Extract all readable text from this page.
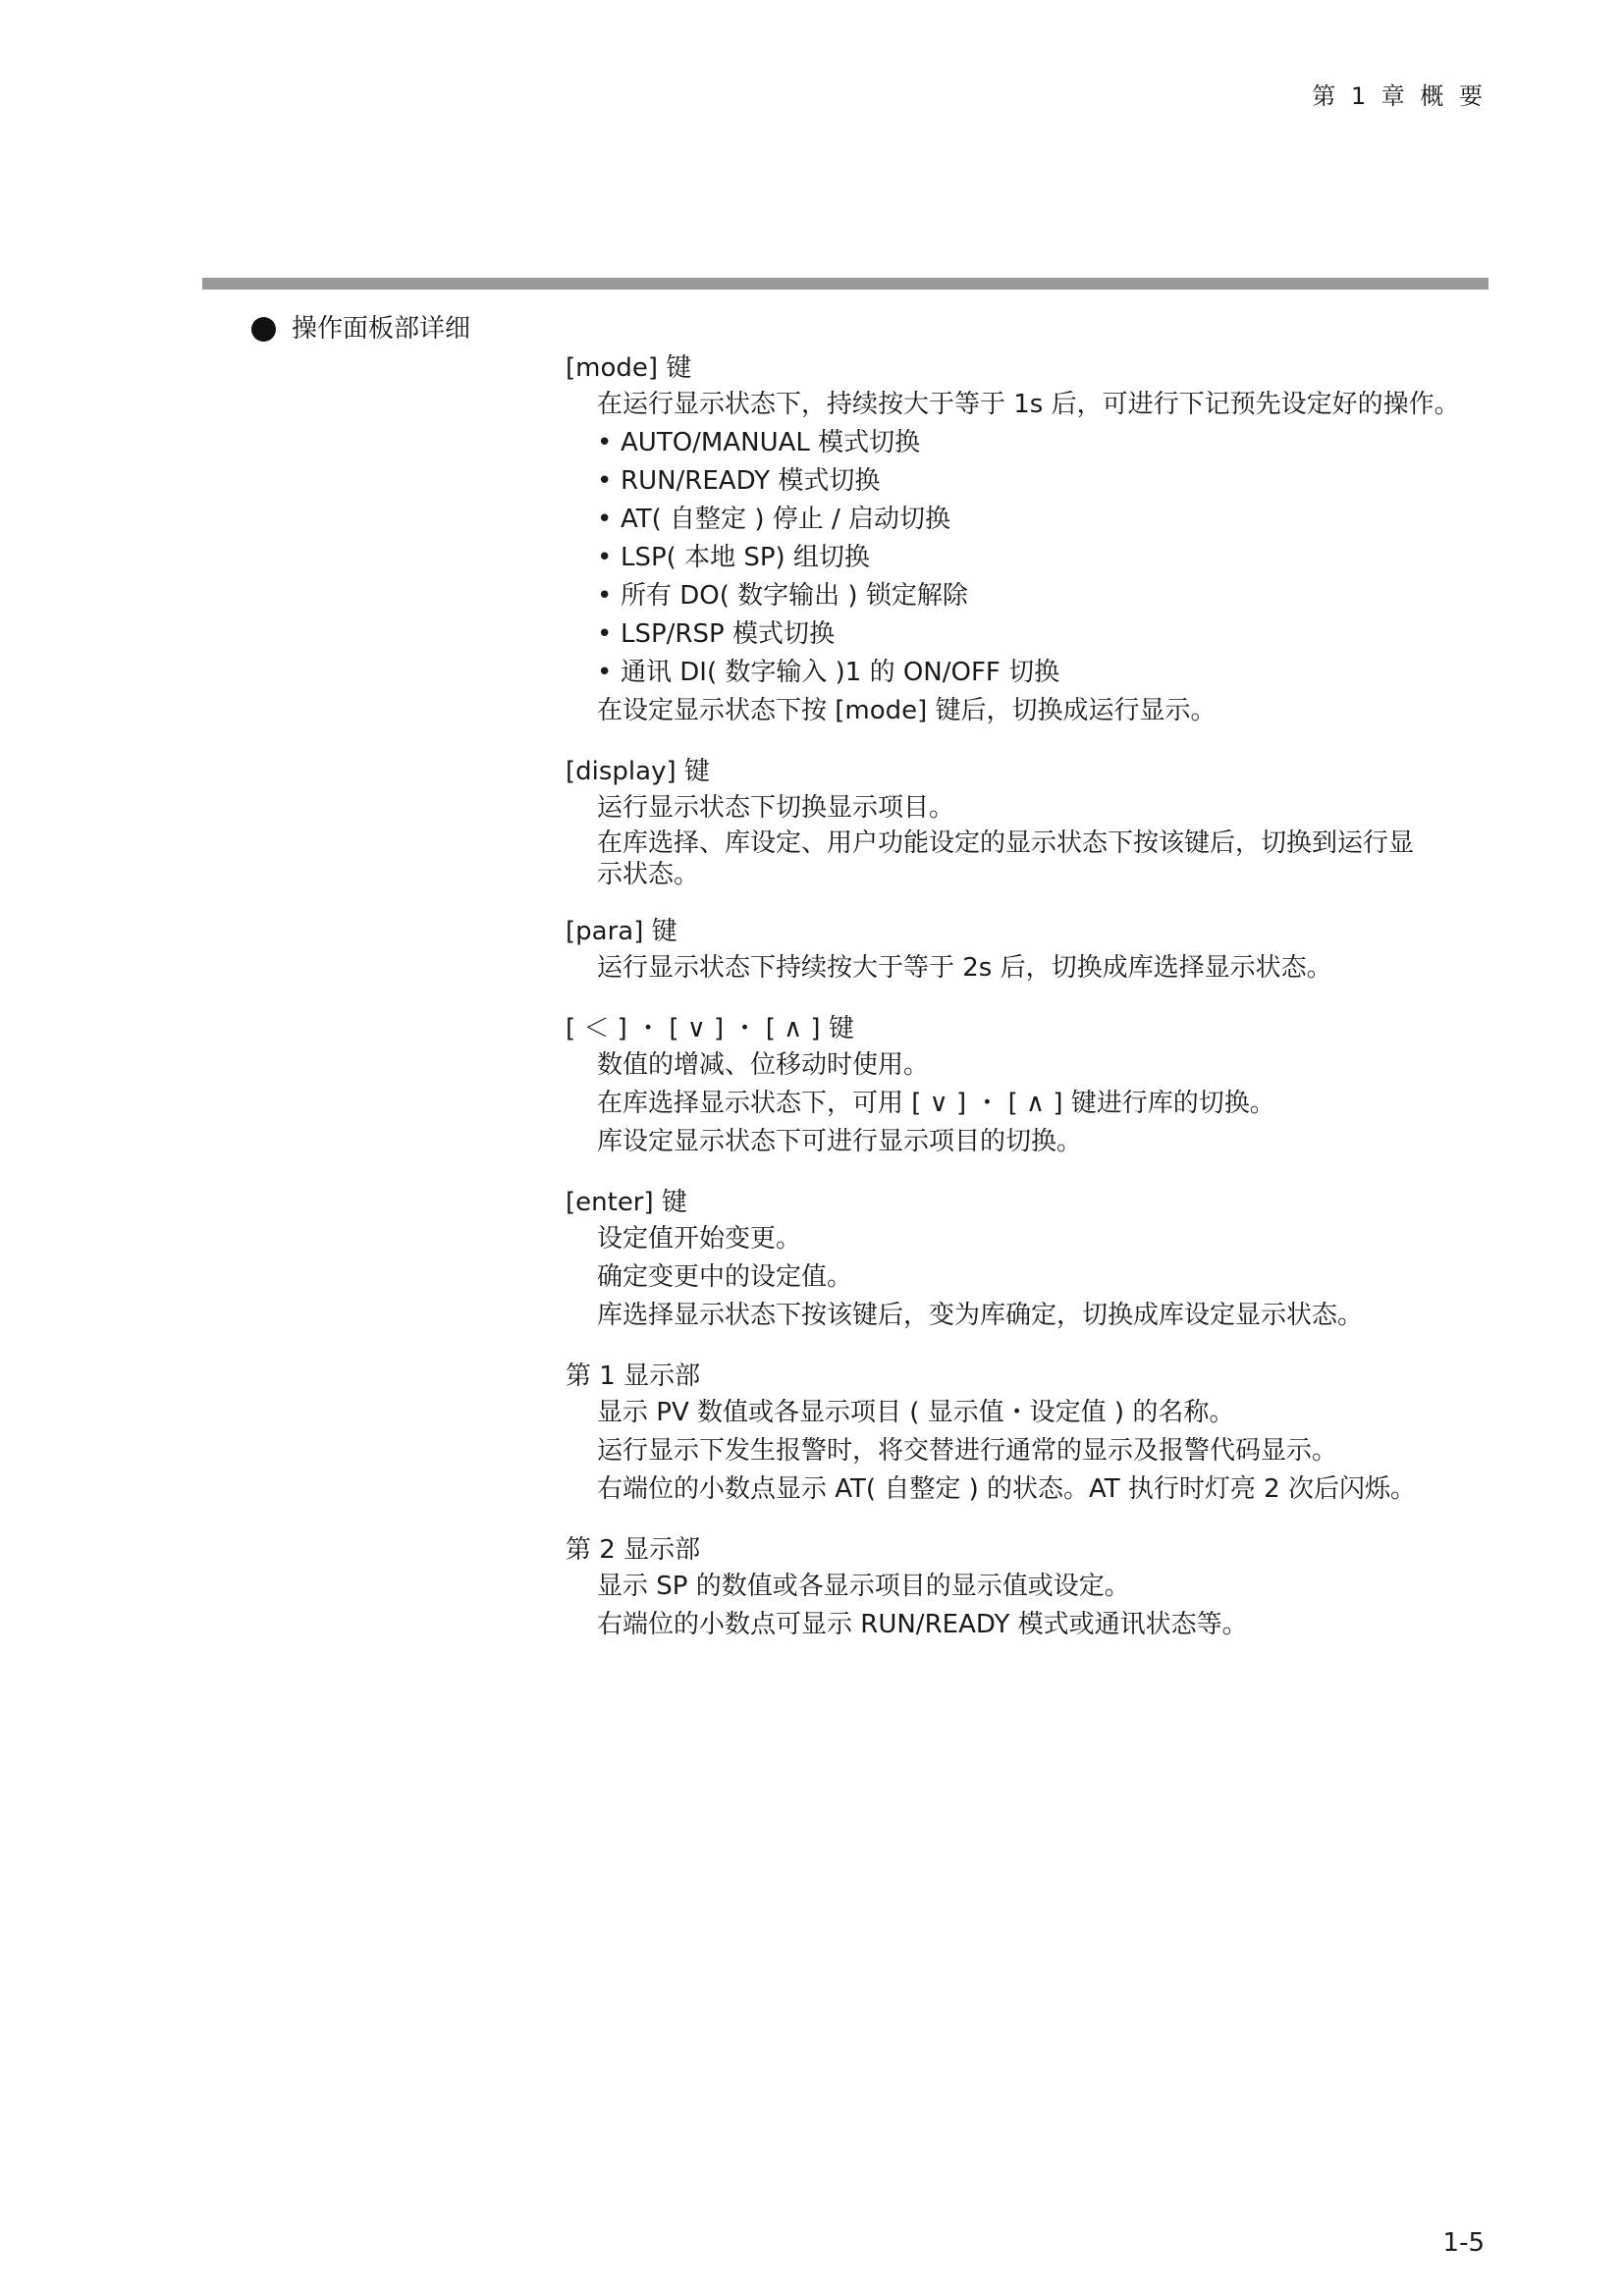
第 1 章 概 要
操作面板部详细
[mode] 键
在运行显示状态下，持续按大于等于 1s 后，可进行下记预先设定好的操作。
• AUTO/MANUAL 模式切换
• RUN/READY 模式切换
• AT( 自整定 ) 停止 / 启动切换
• LSP( 本地 SP) 组切换
• 所有 DO( 数字输出 ) 锁定解除
• LSP/RSP 模式切换
• 通讯 DI( 数字输入 )1 的 ON/OFF 切换
在设定显示状态下按 [mode] 键后，切换成运行显示。
[display] 键
运行显示状态下切换显示项目。
在库选择、库设定、用户功能设定的显示状态下按该键后，切换到运行显
示状态。
[para] 键
运行显示状态下持续按大于等于 2s 后，切换成库选择显示状态。
[ ＜ ] ・ [ ∨ ] ・ [ ∧ ] 键
数值的增减、位移动时使用。
在库选择显示状态下，可用 [ ∨ ] ・ [ ∧ ] 键进行库的切换。
库设定显示状态下可进行显示项目的切换。
[enter] 键
设定值开始变更。
确定变更中的设定值。
库选择显示状态下按该键后，变为库确定，切换成库设定显示状态。
第 1 显示部
显示 PV 数值或各显示项目 ( 显示值・设定值 ) 的名称。
运行显示下发生报警时，将交替进行通常的显示及报警代码显示。
右端位的小数点显示 AT( 自整定 ) 的状态。AT 执行时灯亮 2 次后闪烁。
第 2 显示部
显示 SP 的数值或各显示项目的显示值或设定。
右端位的小数点可显示 RUN/READY 模式或通讯状态等。
1-5
